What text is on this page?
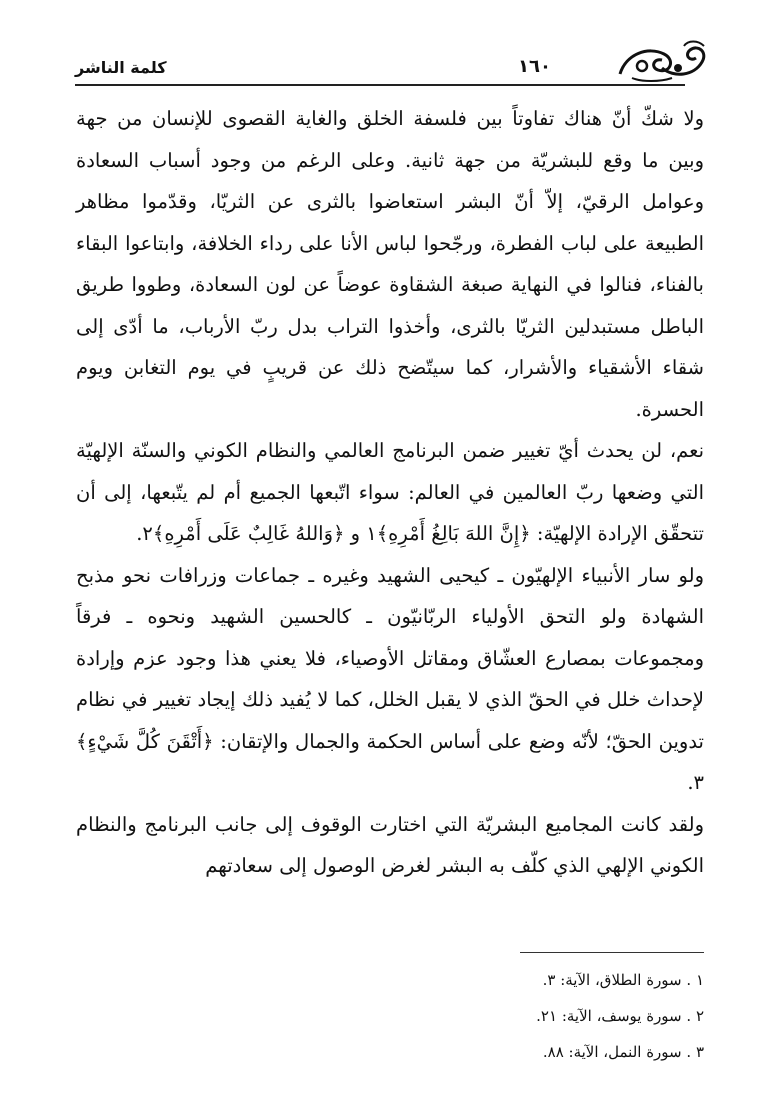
١٦٠
كلمة الناشر

ولا شكّ أنّ هناك تفاوتاً بين فلسفة الخلق والغاية القصوى للإنسان من جهة وبين ما وقع للبشريّة من جهة ثانية. وعلى الرغم من وجود أسباب السعادة وعوامل الرقيّ، إلاّ أنّ البشر استعاضوا بالثرى عن الثريّا، وقدّموا مظاهر الطبيعة على لباب الفطرة، ورجّحوا لباس الأنا على رداء الخلافة، وابتاعوا البقاء بالفناء، فنالوا في النهاية صبغة الشقاوة عوضاً عن لون السعادة، وطووا طريق الباطل مستبدلين الثريّا بالثرى، وأخذوا التراب بدل ربّ الأرباب، ما أدّى إلى شقاء الأشقياء والأشرار، كما سيتّضح ذلك عن قريبٍ في يوم التغابن ويوم الحسرة.

نعم، لن يحدث أيّ تغيير ضمن البرنامج العالمي والنظام الكوني والسنّة الإلهيّة التي وضعها ربّ العالمين في العالم: سواء اتّبعها الجميع أم لم يتّبعها، إلى أن تتحقّق الإرادة الإلهيّة: ﴿إِنَّ اللهَ بَالِغُ أَمْرِهِ﴾١ و ﴿وَاللهُ غَالِبٌ عَلَى أَمْرِهِ﴾٢.

ولو سار الأنبياء الإلهيّون ـ كيحيى الشهيد وغيره ـ جماعات وزرافات نحو مذبح الشهادة ولو التحق الأولياء الربّانيّون ـ كالحسين الشهيد ونحوه ـ فرقاً ومجموعات بمصارع العشّاق ومقاتل الأوصياء، فلا يعني هذا وجود عزم وإرادة لإحداث خلل في الحقّ الذي لا يقبل الخلل، كما لا يُفيد ذلك إيجاد تغيير في نظام تدوين الحقّ؛ لأنّه وضع على أساس الحكمة والجمال والإتقان: ﴿أَتْقَنَ كُلَّ شَيْءٍ﴾٣.

ولقد كانت المجاميع البشريّة التي اختارت الوقوف إلى جانب البرنامج والنظام الكوني الإلهي الذي كلّف به البشر لغرض الوصول إلى سعادتهم

١ . سورة الطلاق، الآية: ٣.
٢ . سورة يوسف، الآية: ٢١.
٣ . سورة النمل، الآية: ٨٨.
